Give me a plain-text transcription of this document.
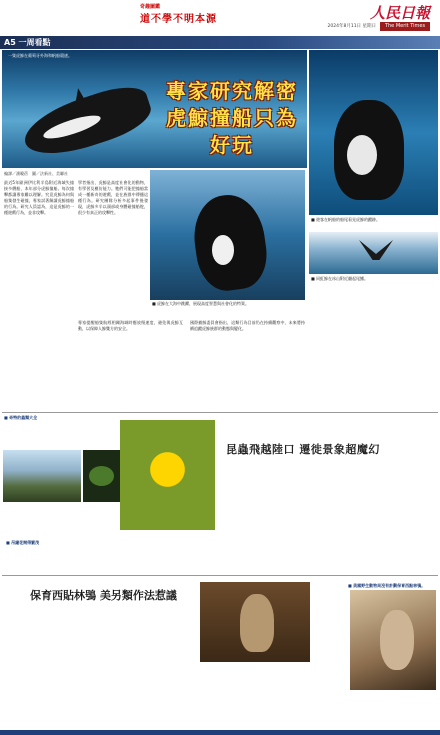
奇趣圖鑑
道不學不明本源	人民日報
2024年8月11日 星期日	The Merit Times
A5 一周看點
一隻虎鯨在葡萄牙外海和帆船競速。
專家研究解密
虎鯨撞船只為好玩
■ 遊客在帆船的船尾看見虎鯨的蹤跡。
■ 同虹鯨在冰山附近翻起尾鰭。
編譯／潘曉蓓　圖／法新社、美聯社
最近5年歐洲伊比利半島附近海域失撞接多艘船，本年部分虎鯨撞船。每次撞擊都讓專家難以理解。究竟虎鯨為何與船隻發生碰撞，專家試著解讀虎鯨撞船的行為。研究人員認為，這是虎鯨的一種遊戲行為，並非攻擊。
學者指出，虎鯨是高度社會化的動物，有學習及模仿能力。牠們可能把撞船當成一種新奇的遊戲，並在族群中傳播這種行為。研究團隊分析多起事件後發現，虎鯨多半以頭部或身體碰撞船舵，很少有真正的攻擊性。
■ 虎鯨在大海中跳躍，展現高度智慧與社會化的特質。
專家提醒船隻航經相關海域時應放慢速度，避免與虎鯨互動，以保障人鯨雙方的安全。
國際捕鯨委員會指出，這類行為目前仍在持續觀察中，未來將持續追蹤虎鯨族群的動態與變化。
■ 奇特的蟲類大全
昆蟲飛越陸口 遷徙景象超魔幻
■ 吊鐘花開得繁茂
保育西貼林鴞 美另類作法惹議
■ 美國野生動物局沒有計劃保育西點林鴞。
